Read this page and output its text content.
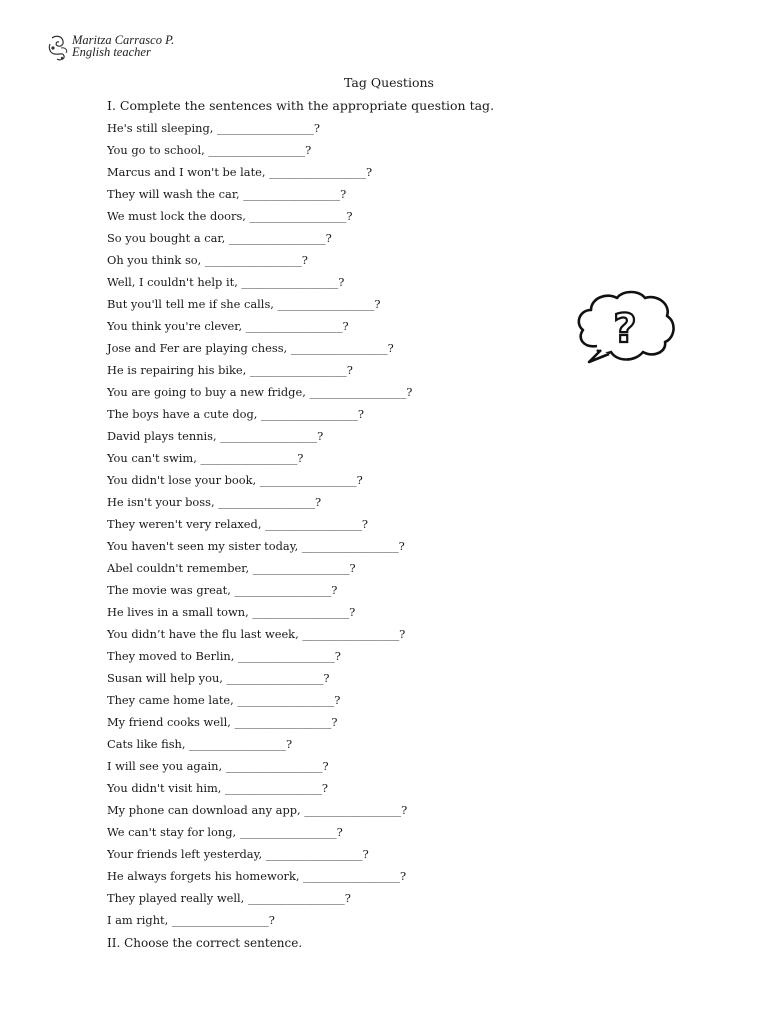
Maritza Carrasco P.
English teacher
Tag Questions
I. Complete the sentences with the appropriate question tag.
He's still sleeping, _________________?
You go to school, _________________?
Marcus and I won't be late, _________________?
They will wash the car, _________________?
We must lock the doors, _________________?
So you bought a car, _________________?
Oh you think so, _________________?
Well, I couldn't help it, _________________?
But you'll tell me if she calls, _________________?
You think you're clever, _________________?
Jose and Fer are playing chess, _________________?
He is repairing his bike, _________________?
You are going to buy a new fridge, _________________?
The boys have a cute dog, _________________?
David plays tennis, _________________?
You can't swim, _________________?
You didn't lose your book, _________________?
He isn't your boss, _________________?
They weren't very relaxed, _________________?
You haven't seen my sister today, _________________?
Abel couldn't remember, _________________?
The movie was great, _________________?
He lives in a small town, _________________?
You didn’t have the flu last week, _________________?
They moved to Berlin, _________________?
Susan will help you, _________________?
They came home late, _________________?
My friend cooks well, _________________?
Cats like fish, _________________?
I will see you again, _________________?
You didn't visit him, _________________?
My phone can download any app, _________________?
We can't stay for long, _________________?
Your friends left yesterday, _________________?
He always forgets his homework, _________________?
They played really well, _________________?
I am right, _________________?
?
II. Choose the correct sentence.
